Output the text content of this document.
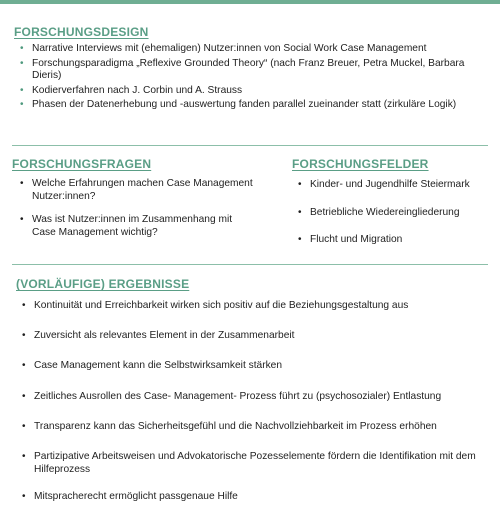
FORSCHUNGSDESIGN
• Narrative Interviews mit (ehemaligen) Nutzer:innen von Social Work Case Management
• Forschungsparadigma „Reflexive Grounded Theory“ (nach Franz Breuer, Petra Muckel, Barbara Dieris)
• Kodierverfahren nach J. Corbin und A. Strauss
• Phasen der Datenerhebung und -auswertung fanden parallel zueinander statt (zirkuläre Logik)
FORSCHUNGSFRAGEN
• Welche Erfahrungen machen Case Management Nutzer:innen?
• Was ist Nutzer:innen im Zusammenhang mit Case Management wichtig?
FORSCHUNGSFELDER
• Kinder- und Jugendhilfe Steiermark
• Betriebliche Wiedereingliederung
• Flucht und Migration
(VORLÄUFIGE) ERGEBNISSE
• Kontinuität und Erreichbarkeit wirken sich positiv auf die Beziehungsgestaltung aus
• Zuversicht als relevantes Element in der Zusammenarbeit
• Case Management kann die Selbstwirksamkeit stärken
• Zeitliches Ausrollen des Case- Management- Prozess führt zu (psychosozialer) Entlastung
• Transparenz kann das Sicherheitsgefühl und die Nachvollziehbarkeit im Prozess erhöhen
• Partizipative Arbeitsweisen und Advokatorische Pozesselemente fördern die Identifikation mit dem Hilfeprozess
• Mitspracherecht ermöglicht passgenaue Hilfe
